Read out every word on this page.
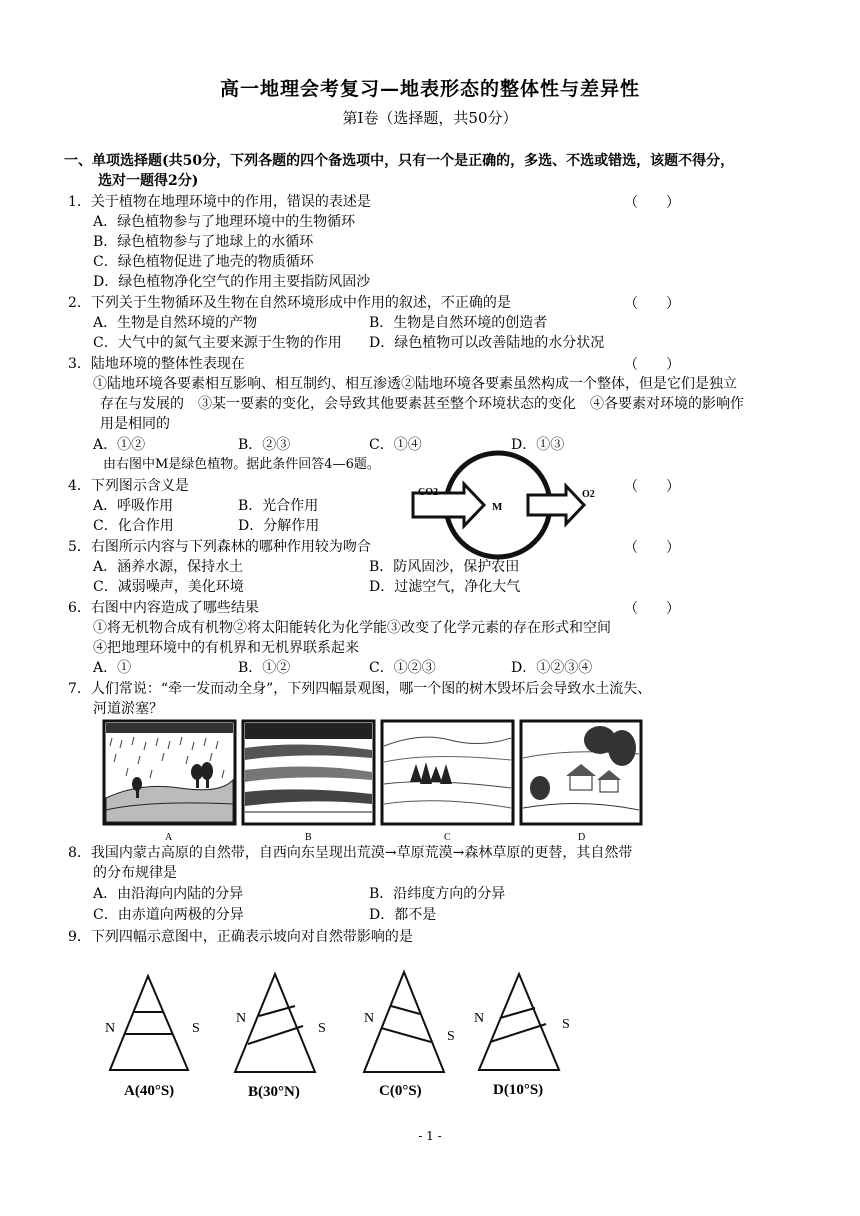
高一地理会考复习—地表形态的整体性与差异性
第Ⅰ卷（选择题，共50分）
一、单项选择题(共50分，下列各题的四个备选项中，只有一个是正确的，多选、不选或错选，该题不得分，
选对一题得2分)
1．关于植物在地理环境中的作用，错误的表述是	（　　）
A．绿色植物参与了地理环境中的生物循环
B．绿色植物参与了地球上的水循环
C．绿色植物促进了地壳的物质循环
D．绿色植物净化空气的作用主要指防风固沙
2．下列关于生物循环及生物在自然环境形成中作用的叙述，不正确的是	（　　）
A．生物是自然环境的产物	B．生物是自然环境的创造者
C．大气中的氮气主要来源于生物的作用 D．绿色植物可以改善陆地的水分状况
3．陆地环境的整体性表现在	（　　）
①陆地环境各要素相互影响、相互制约、相互渗透②陆地环境各要素虽然构成一个整体，但是它们是独立
存在与发展的　③某一要素的变化，会导致其他要素甚至整个环境状态的变化　④各要素对环境的影响作
用是相同的
A．①②	B．②③	C．①④	D．①③
由右图中M是绿色植物。据此条件回答4—6题。
CO2
M
O2
4．下列图示含义是	（　　）
A．呼吸作用	B．光合作用
C．化合作用	D．分解作用
5．右图所示内容与下列森林的哪种作用较为吻合	（　　）
A．涵养水源，保持水土	B．防风固沙，保护农田
C．减弱噪声，美化环境	D．过滤空气，净化大气
6．右图中内容造成了哪些结果	（　　）
①将无机物合成有机物②将太阳能转化为化学能③改变了化学元素的存在形式和空间
④把地理环境中的有机界和无机界联系起来
A．①	B．①②	C．①②③	D．①②③④
7．人们常说：“牵一发而动全身”，下列四幅景观图，哪一个图的树木毁坏后会导致水土流失、
河道淤塞？
A	B	C	D
8．我国内蒙古高原的自然带，自西向东呈现出荒漠→草原荒漠→森林草原的更替，其自然带
的分布规律是
A．由沿海向内陆的分异	B．沿纬度方向的分异
C．由赤道向两极的分异	D．都不是
9．下列四幅示意图中，正确表示坡向对自然带影响的是
N	S
N
S
N
S
N	S
A(40°S)	B(30°N)	C(0°S)	D(10°S)
- 1 -
